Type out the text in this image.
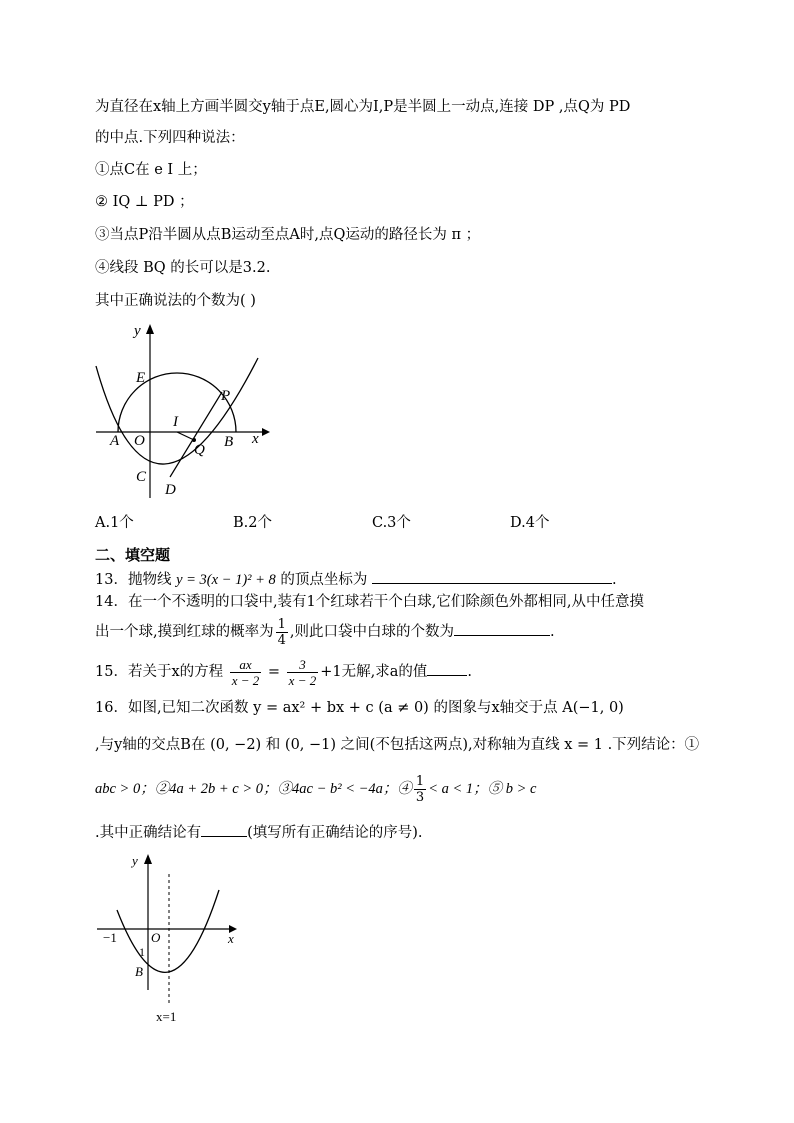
为直径在x轴上方画半圆交y轴于点E,圆心为I,P是半圆上一动点,连接 DP ,点Q为 PD
的中点.下列四种说法：
①点C在 e I 上；
② IQ ⊥ PD ；
③当点P沿半圆从点B运动至点A时,点Q运动的路径长为 π ；
④线段 BQ 的长可以是3.2.
其中正确说法的个数为( )
y
x
E
P
I
A O
Q B
C
D
A.1个	B.2个	C.3个	D.4个
二、填空题
13．抛物线 y = 3(x − 1)² + 8 的顶点坐标为	.
14．在一个不透明的口袋中,装有1个红球若干个白球,它们除颜色外都相同,从中任意摸
出一个球,摸到红球的概率为 $\frac{1}{4}$ ,则此口袋中白球的个数为	.
15．若关于x的方程 $\frac{ax}{x - 2} = \frac{3}{x - 2} +1$无解,求a的值	.
16．如图,已知二次函数 y = ax² + bx + c (a ≠ 0) 的图象与x轴交于点 A(−1, 0)
,与y轴的交点B在 (0, −2) 和 (0, −1) 之间(不包括这两点),对称轴为直线 x = 1 .下列结论：①
abc > 0；②4a + 2b + c > 0；③4ac − b² < −4a；④ $\frac{1}{3} < a < 1$；⑤ b > c
.其中正确结论有	(填写所有正确结论的序号).
y
x
−1	O
1
B
x=1
